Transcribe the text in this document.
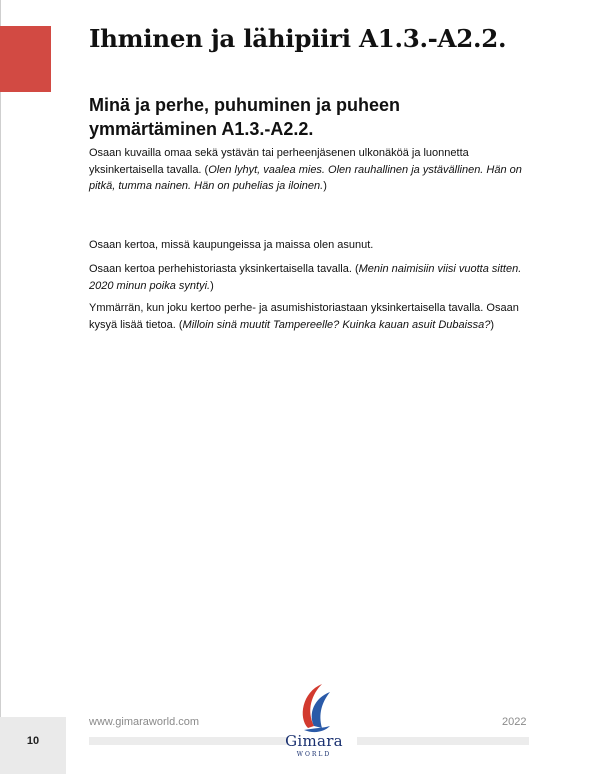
Ihminen ja lähipiiri A1.3.-A2.2.
Minä ja perhe, puhuminen ja puheen ymmärtäminen A1.3.-A2.2.

Osaan kuvailla omaa sekä ystävän tai perheenjäsenen ulkonäköä ja luonnetta yksinkertaisella tavalla. (Olen lyhyt, vaalea mies. Olen rauhallinen ja ystävällinen. Hän on pitkä, tumma nainen. Hän on puhelias ja iloinen.)

Osaan kertoa, missä kaupungeissa ja maissa olen asunut.

Osaan kertoa perhehistoriasta yksinkertaisella tavalla. (Menin naimisiin viisi vuotta sitten. 2020 minun poika syntyi.)

Ymmärrän, kun joku kertoo perhe- ja asumishistoriastaan yksinkertaisella tavalla. Osaan kysyä lisää tietoa. (Milloin sinä muutit Tampereelle? Kuinka kauan asuit Dubaissa?)

www.gimaraworld.com	2022
10	Gimara
WORLD
